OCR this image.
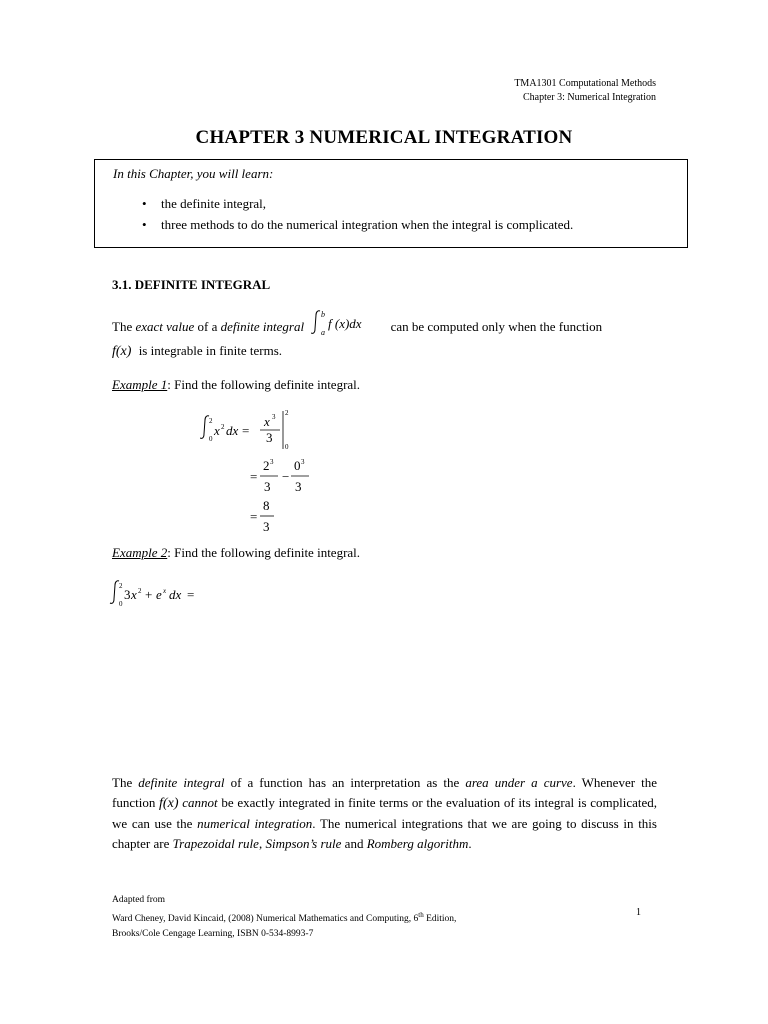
TMA1301 Computational Methods
Chapter 3: Numerical Integration
CHAPTER 3 NUMERICAL INTEGRATION
In this Chapter, you will learn:
• the definite integral,
• three methods to do the numerical integration when the integral is complicated.
3.1. DEFINITE INTEGRAL
The exact value of a definite integral
b
a
f (x)dx can be computed only when the function
f(x) is integrable in finite terms.
Example 1: Find the following definite integral.
2
0
x 2 dx =
x 3
3
2
0
=
2 3
3
−
0 3
3
=
8
3
Example 2: Find the following definite integral.
2
0
3 x 2 + e x dx =
The definite integral of a function has an interpretation as the area under a curve. Whenever the function f(x) cannot be exactly integrated in finite terms or the evaluation of its integral is complicated, we can use the numerical integration. The numerical integrations that we are going to discuss in this chapter are Trapezoidal rule, Simpson’s rule and Romberg algorithm.
Adapted from
Ward Cheney, David Kincaid, (2008) Numerical Mathematics and Computing, 6th Edition,
Brooks/Cole Cengage Learning, ISBN 0-534-8993-7
1
